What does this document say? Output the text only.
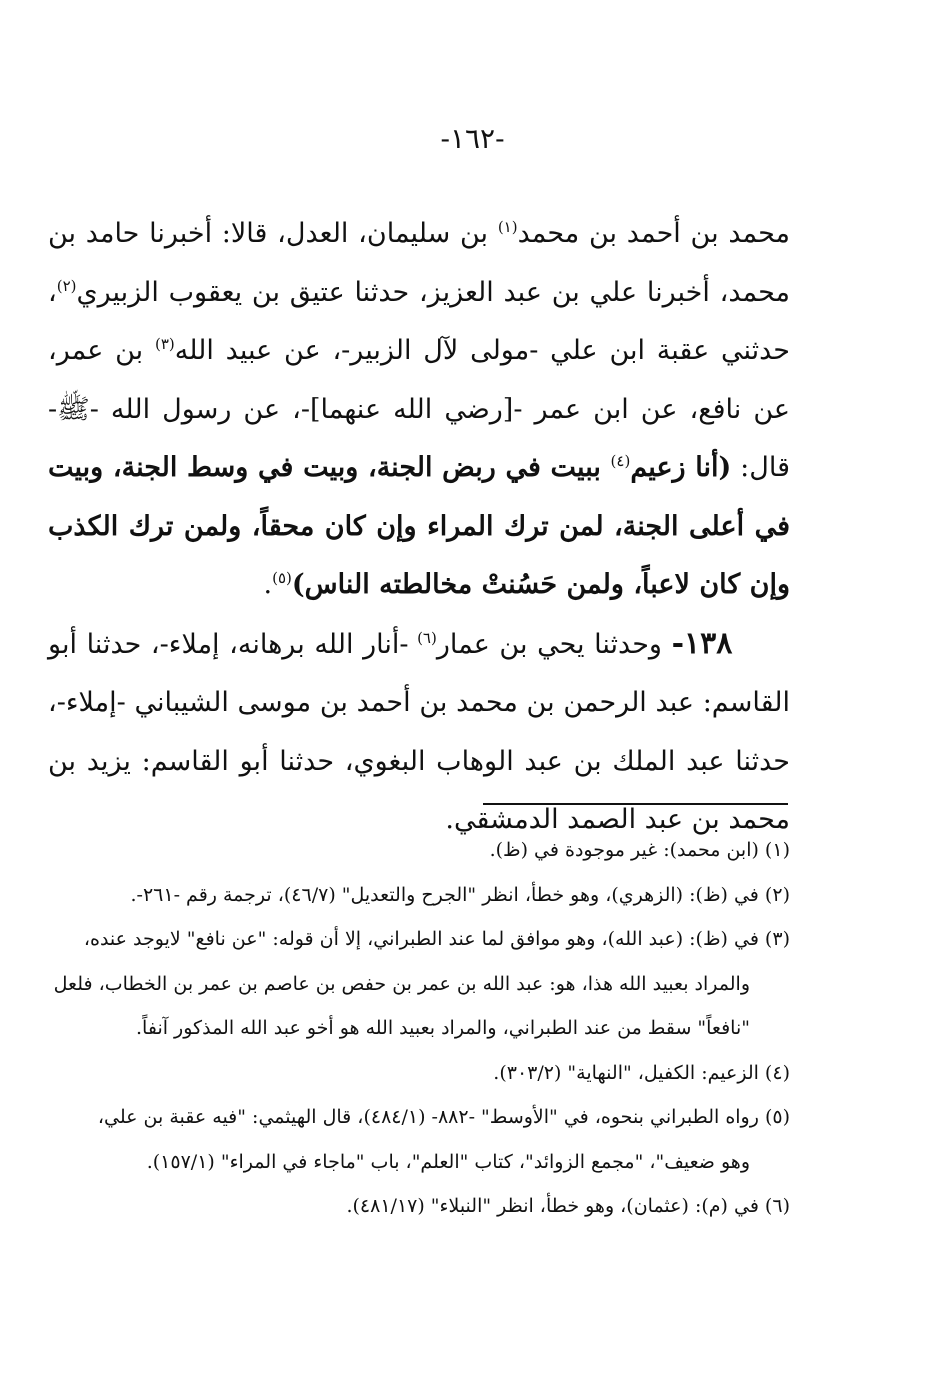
-١٦٢-

محمد بن أحمد بن محمد$^{(١)}$ بن سليمان، العدل، قالا: أخبرنا حامد بن محمد، أخبرنا علي بن عبد العزيز، حدثنا عتيق بن يعقوب الزبيري$^{(٢)}$، حدثني عقبة ابن علي -مولى لآل الزبير-، عن عبيد الله$^{(٣)}$ بن عمر، عن نافع، عن ابن عمر -[رضي الله عنهما]-، عن رسول الله -ﷺ- قال: (أنا زعيم$^{(٤)}$ ببيت في ربض الجنة، وبيت في وسط الجنة، وبيت في أعلى الجنة، لمن ترك المراء وإن كان محقاً، ولمن ترك الكذب وإن كان لاعباً، ولمن حَسُنتْ مخالطته الناس)$^{(٥)}$.

١٣٨- وحدثنا يحي بن عمار$^{(٦)}$ -أنار الله برهانه، إملاء-، حدثنا أبو القاسم: عبد الرحمن بن محمد بن أحمد بن موسى الشيباني -إملاء-، حدثنا عبد الملك بن عبد الوهاب البغوي، حدثنا أبو القاسم: يزيد بن محمد بن عبد الصمد الدمشقي.

(١) (ابن محمد): غير موجودة في (ظ).

(٢) في (ظ): (الزهري)، وهو خطأ، انظر "الجرح والتعديل" (٤٦/٧)، ترجمة رقم -٢٦١-.

(٣) في (ظ): (عبد الله)، وهو موافق لما عند الطبراني، إلا أن قوله: "عن نافع" لايوجد عنده،
والمراد بعبيد الله هذا، هو: عبد الله بن عمر بن حفص بن عاصم بن عمر بن الخطاب، فلعل
"نافعاً" سقط من عند الطبراني، والمراد بعبيد الله هو أخو عبد الله المذكور آنفاً.

(٤) الزعيم: الكفيل، "النهاية" (٣٠٣/٢).

(٥) رواه الطبراني بنحوه، في "الأوسط" -٨٨٢- (٤٨٤/١)، قال الهيثمي: "فيه عقبة بن علي،
وهو ضعيف"، "مجمع الزوائد"، كتاب "العلم"، باب "ماجاء في المراء" (١٥٧/١).

(٦) في (م): (عثمان)، وهو خطأ، انظر "النبلاء" (٤٨١/١٧).
